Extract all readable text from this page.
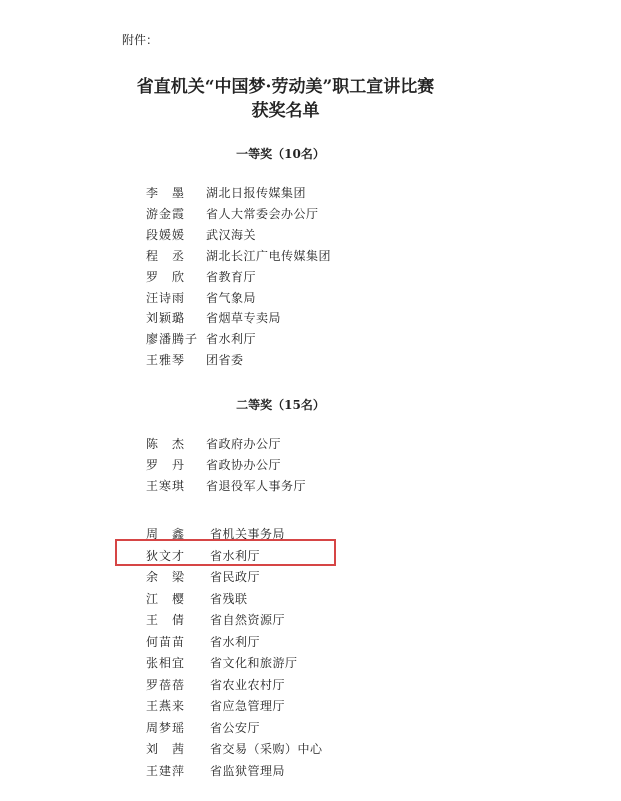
附件：
省直机关“中国梦·劳动美”职工宣讲比赛
获奖名单
一等奖（10名）
李　墨 湖北日报传媒集团
游金霞 省人大常委会办公厅
段媛媛 武汉海关
程　丞 湖北长江广电传媒集团
罗　欣 省教育厅
汪诗雨 省气象局
刘颖璐 省烟草专卖局
廖潘腾子 省水利厅
王雅琴 团省委
二等奖（15名）
陈　杰 省政府办公厅
罗　丹 省政协办公厅
王寒琪 省退役军人事务厅
周　鑫 省机关事务局
狄文才 省水利厅
余　梁 省民政厅
江　樱 省残联
王　倩 省自然资源厅
何苗苗 省水利厅
张相宜 省文化和旅游厅
罗蓓蓓 省农业农村厅
王燕来 省应急管理厅
周梦瑶 省公安厅
刘　茜 省交易（采购）中心
王建萍 省监狱管理局
